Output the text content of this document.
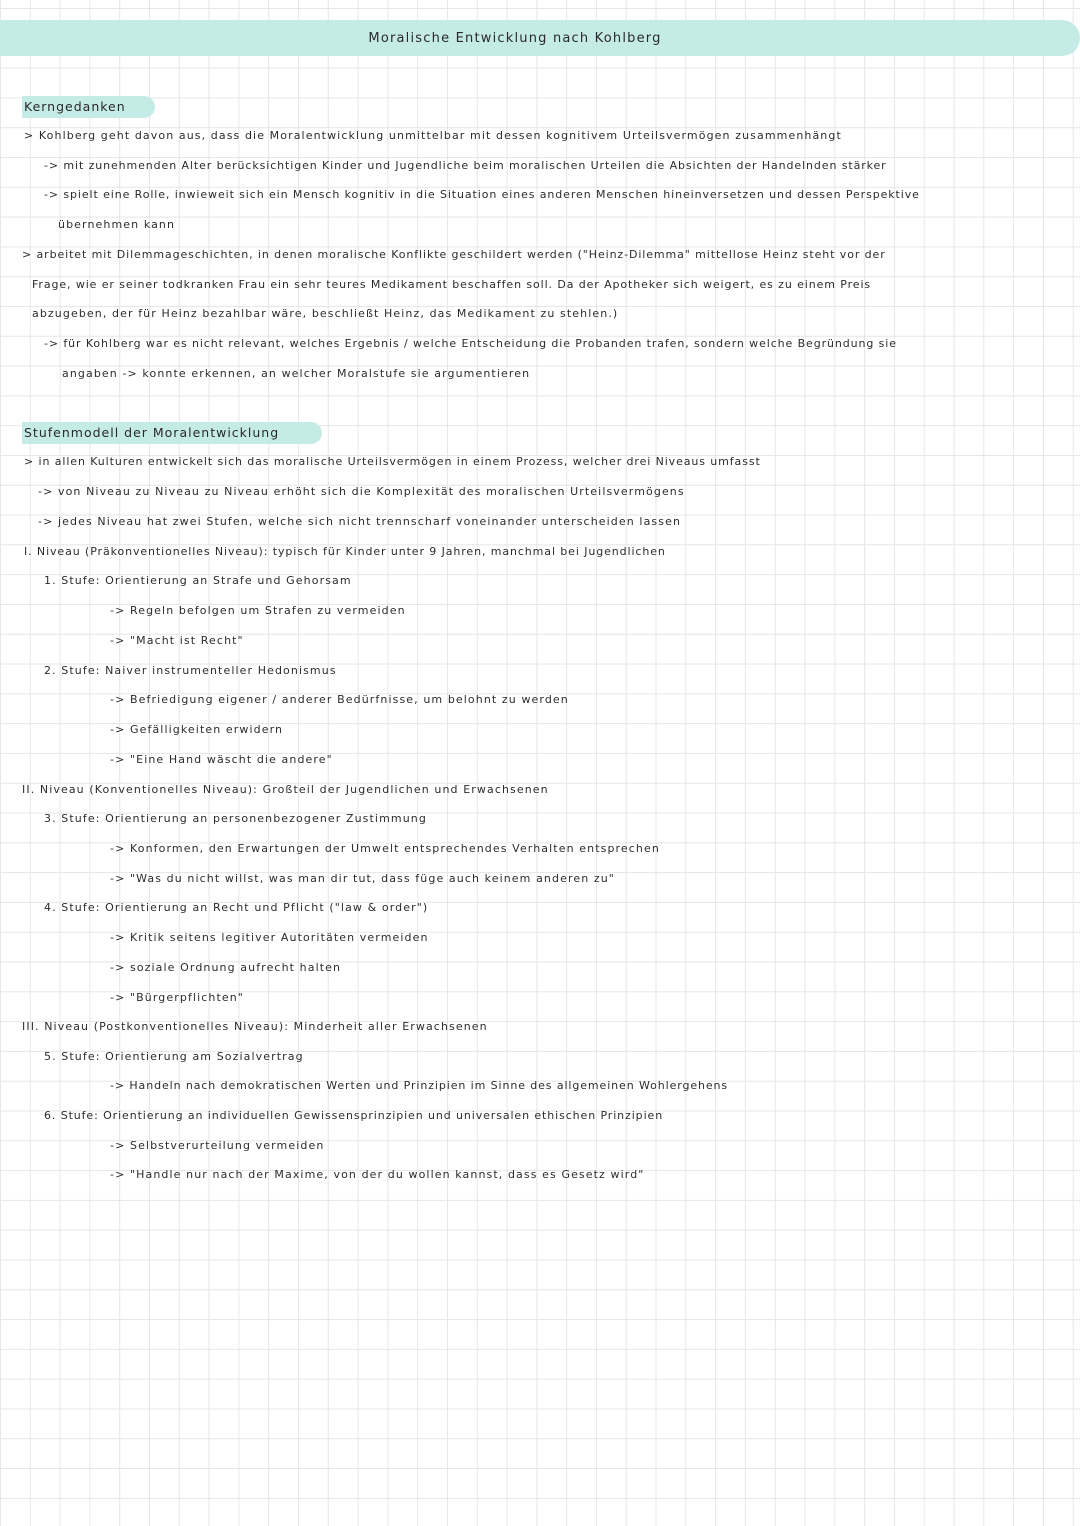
Moralische Entwicklung nach Kohlberg
Kerngedanken
> Kohlberg geht davon aus, dass die Moralentwicklung unmittelbar mit dessen kognitivem Urteilsvermögen zusammenhängt
-> mit zunehmenden Alter berücksichtigen Kinder und Jugendliche beim moralischen Urteilen die Absichten der Handelnden stärker
-> spielt eine Rolle, inwieweit sich ein Mensch kognitiv in die Situation eines anderen Menschen hineinversetzen und dessen Perspektive
übernehmen kann
> arbeitet mit Dilemmageschichten, in denen moralische Konflikte geschildert werden ("Heinz-Dilemma" mittellose Heinz steht vor der
Frage, wie er seiner todkranken Frau ein sehr teures Medikament beschaffen soll. Da der Apotheker sich weigert, es zu einem Preis
abzugeben, der für Heinz bezahlbar wäre, beschließt Heinz, das Medikament zu stehlen.)
-> für Kohlberg war es nicht relevant, welches Ergebnis / welche Entscheidung die Probanden trafen, sondern welche Begründung sie
angaben -> konnte erkennen, an welcher Moralstufe sie argumentieren
Stufenmodell der Moralentwicklung
> in allen Kulturen entwickelt sich das moralische Urteilsvermögen in einem Prozess, welcher drei Niveaus umfasst
-> von Niveau zu Niveau zu Niveau erhöht sich die Komplexität des moralischen Urteilsvermögens
-> jedes Niveau hat zwei Stufen, welche sich nicht trennscharf voneinander unterscheiden lassen
I. Niveau (Präkonventionelles Niveau): typisch für Kinder unter 9 Jahren, manchmal bei Jugendlichen
1. Stufe: Orientierung an Strafe und Gehorsam
-> Regeln befolgen um Strafen zu vermeiden
-> "Macht ist Recht"
2. Stufe: Naiver instrumenteller Hedonismus
-> Befriedigung eigener / anderer Bedürfnisse, um belohnt zu werden
-> Gefälligkeiten erwidern
-> "Eine Hand wäscht die andere"
II. Niveau (Konventionelles Niveau): Großteil der Jugendlichen und Erwachsenen
3. Stufe: Orientierung an personenbezogener Zustimmung
-> Konformen, den Erwartungen der Umwelt entsprechendes Verhalten entsprechen
-> "Was du nicht willst, was man dir tut, dass füge auch keinem anderen zu"
4. Stufe: Orientierung an Recht und Pflicht ("law & order")
-> Kritik seitens legitiver Autoritäten vermeiden
-> soziale Ordnung aufrecht halten
-> "Bürgerpflichten"
III. Niveau (Postkonventionelles Niveau): Minderheit aller Erwachsenen
5. Stufe: Orientierung am Sozialvertrag
-> Handeln nach demokratischen Werten und Prinzipien im Sinne des allgemeinen Wohlergehens
6. Stufe: Orientierung an individuellen Gewissensprinzipien und universalen ethischen Prinzipien
-> Selbstverurteilung vermeiden
-> "Handle nur nach der Maxime, von der du wollen kannst, dass es Gesetz wird"
